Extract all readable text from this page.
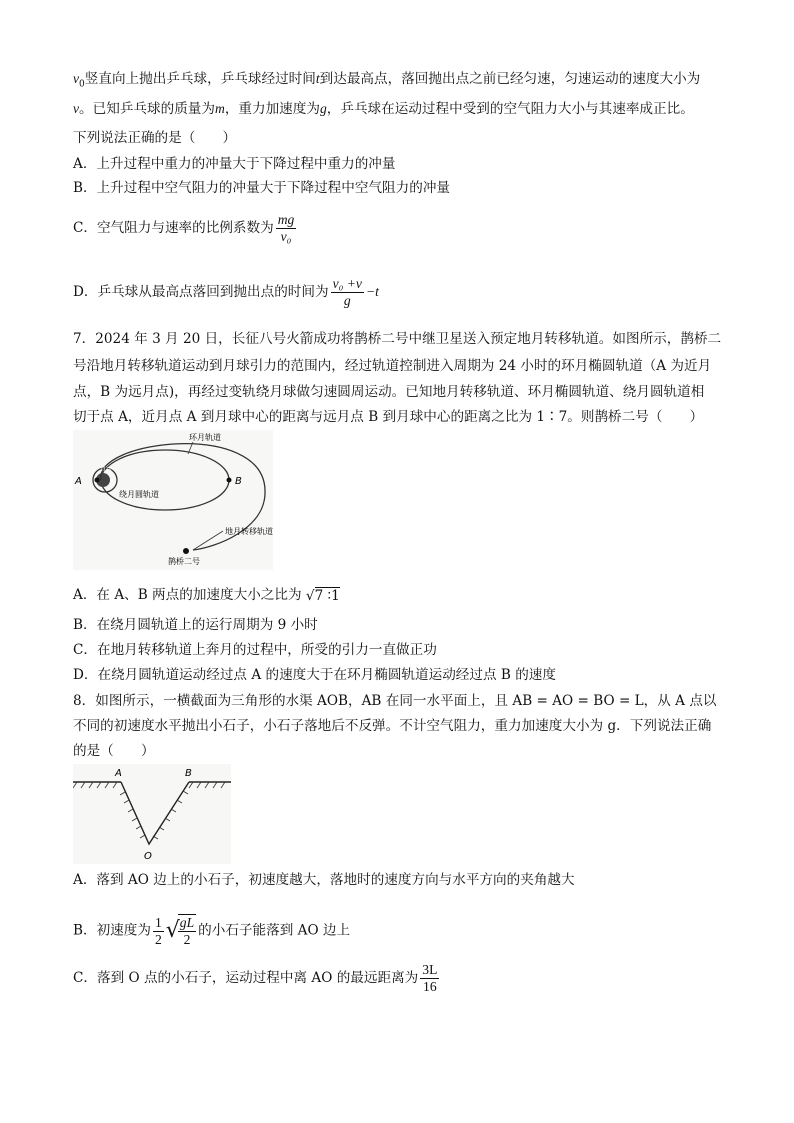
$v_0$竖直向上抛出乒乓球，乒乓球经过时间t到达最高点，落回抛出点之前已经匀速，匀速运动的速度大小为
v。已知乒乓球的质量为m，重力加速度为g，乒乓球在运动过程中受到的空气阻力大小与其速率成正比。
下列说法正确的是（　　）
A．上升过程中重力的冲量大于下降过程中重力的冲量
B．上升过程中空气阻力的冲量大于下降过程中空气阻力的冲量
C．空气阻力与速率的比例系数为 $\frac{mg}{\text{v₀}}$
D．乒乓球从最高点落回到抛出点的时间为 $\frac{\text{v₀ +v}}{g} -t$
7．2024 年 3 月 20 日，长征八号火箭成功将鹊桥二号中继卫星送入预定地月转移轨道。如图所示，鹊桥二
号沿地月转移轨道运动到月球引力的范围内，经过轨道控制进入周期为 24 小时的环月椭圆轨道（A 为近月
点，B 为远月点)，再经过变轨绕月球做匀速圆周运动。已知地月转移轨道、环月椭圆轨道、绕月圆轨道相
切于点 A，近月点 A 到月球中心的距离与远月点 B 到月球中心的距离之比为 1∶7。则鹊桥二号（　　）
A	B
月球
环月轨道
绕月圆轨道
地月转移轨道
鹊桥二号
A．在 A、B 两点的加速度大小之比为 √7 ∶1
B．在绕月圆轨道上的运行周期为 9 小时
C．在地月转移轨道上奔月的过程中，所受的引力一直做正功
D．在绕月圆轨道运动经过点 A 的速度大于在环月椭圆轨道运动经过点 B 的速度
8．如图所示，一横截面为三角形的水渠 AOB，AB 在同一水平面上，且 AB = AO = BO = L，从 A 点以
不同的初速度水平抛出小石子，小石子落地后不反弹。不计空气阻力，重力加速度大小为 g．下列说法正确
的是（　　）
A	B
O
A．落到 AO 边上的小石子，初速度越大，落地时的速度方向与水平方向的夹角越大
B．初速度为 $\frac{1}{2}$ √
$\frac{gL}{2}$ 的小石子能落到 AO 边上
C．落到 O 点的小石子，运动过程中离 AO 的最远距离为 $\frac{3L}{16}$
